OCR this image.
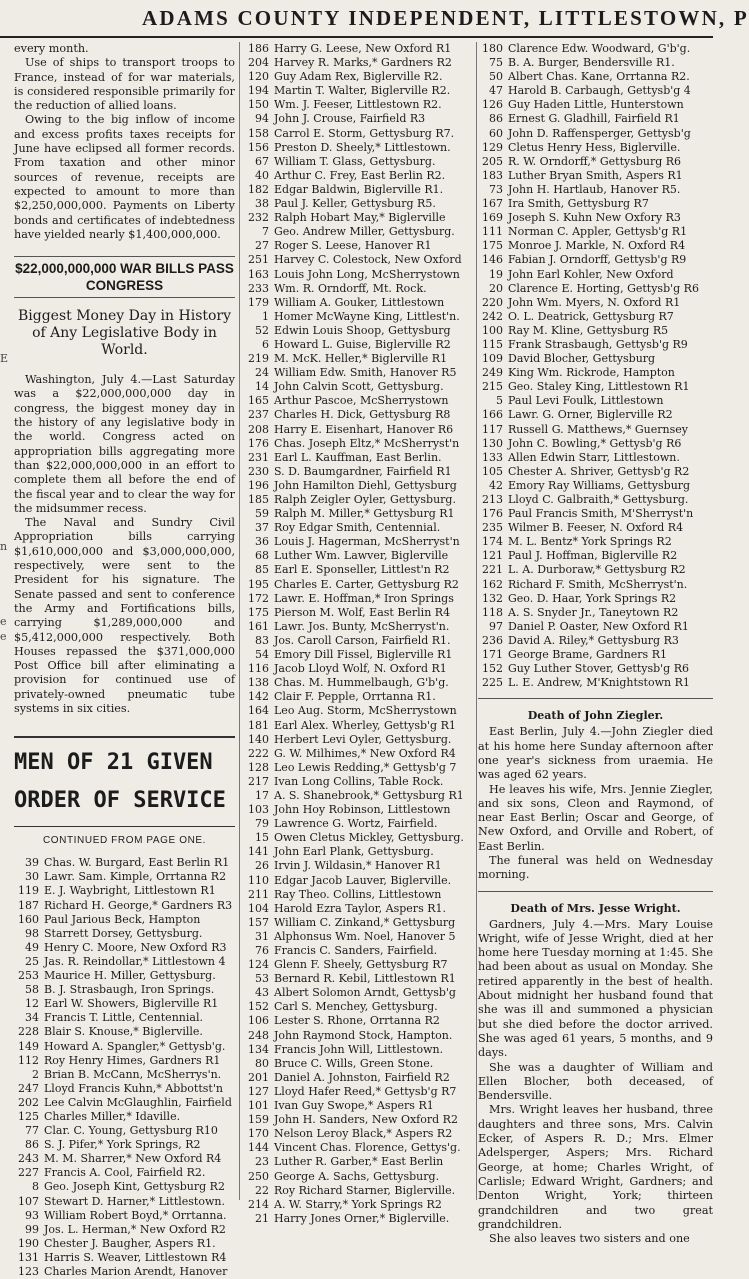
ADAMS COUNTY INDEPENDENT, LITTLESTOWN, P
E
n
e
e

every month.

Use of ships to transport troops to France, instead of for war materials, is considered responsible primarily for the reduction of allied loans.

Owing to the big inflow of income and excess profits taxes receipts for June have eclipsed all former records. From taxation and other minor sources of revenue, receipts are expected to amount to more than $2,250,000,000. Payments on Liberty bonds and certificates of indebtedness have yielded nearly $1,400,000,000.

$22,000,000,000 WAR BILLS PASS CONGRESS
Biggest Money Day in History of Any Legislative Body in World.

Washington, July 4.—Last Saturday was a $22,000,000,000 day in congress, the biggest money day in the history of any legislative body in the world. Congress acted on appropriation bills aggregating more than $22,000,000,000 in an effort to complete them all before the end of the fiscal year and to clear the way for the midsummer recess.

The Naval and Sundry Civil Appropriation bills carrying $1,610,000,000 and $3,000,000,000, respectively, were sent to the President for his signature. The Senate passed and sent to conference the Army and Fortifications bills, carrying $1,289,000,000 and $5,412,000,000 respectively. Both Houses repassed the $371,000,000 Post Office bill after eliminating a provision for continued use of privately-owned pneumatic tube systems in six cities.

MEN OF 21 GIVEN
ORDER OF SERVICE
CONTINUED FROM PAGE ONE.
39 Chas. W. Burgard, East Berlin R1
30 Lawr. Sam. Kimple, Orrtanna R2
119 E. J. Waybright, Littlestown R1
187 Richard H. George,* Gardners R3
160 Paul Jarious Beck, Hampton
98 Starrett Dorsey, Gettysburg.
49 Henry C. Moore, New Oxford R3
25 Jas. R. Reindollar,* Littlestown 4
253 Maurice H. Miller, Gettysburg.
58 B. J. Strasbaugh, Iron Springs.
12 Earl W. Showers, Biglerville R1
34 Francis T. Little, Centennial.
228 Blair S. Knouse,* Biglerville.
149 Howard A. Spangler,* Gettysb'g.
112 Roy Henry Himes, Gardners R1
2 Brian B. McCann, McSherrys'n.
247 Lloyd Francis Kuhn,* Abbottst'n
202 Lee Calvin McGlaughlin, Fairfield
125 Charles Miller,* Idaville.
77 Clar. C. Young, Gettysburg R10
86 S. J. Pifer,* York Springs, R2
243 M. M. Sharrer,* New Oxford R4
227 Francis A. Cool, Fairfield R2.
8 Geo. Joseph Kint, Gettysburg R2
107 Stewart D. Harner,* Littlestown.
93 William Robert Boyd,* Orrtanna.
99 Jos. L. Herman,* New Oxford R2
190 Chester J. Baugher, Aspers R1.
131 Harris S. Weaver, Littlestown R4
123 Charles Marion Arendt, Hanover
186 Harry G. Leese, New Oxford R1
204 Harvey R. Marks,* Gardners R2
120 Guy Adam Rex, Biglerville R2.
194 Martin T. Walter, Biglerville R2.
150 Wm. J. Feeser, Littlestown R2.
94 John J. Crouse, Fairfield R3
158 Carrol E. Storm, Gettysburg R7.
156 Preston D. Sheely,* Littlestown.
67 William T. Glass, Gettysburg.
40 Arthur C. Frey, East Berlin R2.
182 Edgar Baldwin, Biglerville R1.
38 Paul J. Keller, Gettysburg R5.
232 Ralph Hobart May,* Biglerville
7 Geo. Andrew Miller, Gettysburg.
27 Roger S. Leese, Hanover R1
251 Harvey C. Colestock, New Oxford
163 Louis John Long, McSherrystown
233 Wm. R. Orndorff, Mt. Rock.
179 William A. Gouker, Littlestown
1 Homer McWayne King, Littlest'n.
52 Edwin Louis Shoop, Gettysburg
6 Howard L. Guise, Biglerville R2
219 M. McK. Heller,* Biglerville R1
24 William Edw. Smith, Hanover R5
14 John Calvin Scott, Gettysburg.
165 Arthur Pascoe, McSherrystown
237 Charles H. Dick, Gettysburg R8
208 Harry E. Eisenhart, Hanover R6
176 Chas. Joseph Eltz,* McSherryst'n
231 Earl L. Kauffman, East Berlin.
230 S. D. Baumgardner, Fairfield R1
196 John Hamilton Diehl, Gettysburg
185 Ralph Zeigler Oyler, Gettysburg.
59 Ralph M. Miller,* Gettysburg R1
37 Roy Edgar Smith, Centennial.
36 Louis J. Hagerman, McSherryst'n
68 Luther Wm. Lawver, Biglerville
85 Earl E. Sponseller, Littlest'n R2
195 Charles E. Carter, Gettysburg R2
172 Lawr. E. Hoffman,* Iron Springs
175 Pierson M. Wolf, East Berlin R4
161 Lawr. Jos. Bunty, McSherryst'n.
83 Jos. Caroll Carson, Fairfield R1.
54 Emory Dill Fissel, Biglerville R1
116 Jacob Lloyd Wolf, N. Oxford R1
138 Chas. M. Hummelbaugh, G'b'g.
142 Clair F. Pepple, Orrtanna R1.
164 Leo Aug. Storm, McSherrystown
181 Earl Alex. Wherley, Gettysb'g R1
140 Herbert Levi Oyler, Gettysburg.
222 G. W. Milhimes,* New Oxford R4
128 Leo Lewis Redding,* Gettysb'g 7
217 Ivan Long Collins, Table Rock.
17 A. S. Shanebrook,* Gettysburg R1
103 John Hoy Robinson, Littlestown
79 Lawrence G. Wortz, Fairfield.
15 Owen Cletus Mickley, Gettysburg.
141 John Earl Plank, Gettysburg.
26 Irvin J. Wildasin,* Hanover R1
110 Edgar Jacob Lauver, Biglerville.
211 Ray Theo. Collins, Littlestown
104 Harold Ezra Taylor, Aspers R1.
157 William C. Zinkand,* Gettysburg
31 Alphonsus Wm. Noel, Hanover 5
76 Francis C. Sanders, Fairfield.
124 Glenn F. Sheely, Gettysburg R7
53 Bernard R. Kebil, Littlestown R1
43 Albert Solomon Arndt, Gettysb'g
152 Carl S. Menchey, Gettysburg.
106 Lester S. Rhone, Orrtanna R2
248 John Raymond Stock, Hampton.
134 Francis John Will, Littlestown.
80 Bruce C. Wills, Green Stone.
201 Daniel A. Johnston, Fairfield R2
127 Lloyd Hafer Reed,* Gettysb'g R7
101 Ivan Guy Swope,* Aspers R1
159 John H. Sanders, New Oxford R2
170 Nelson Leroy Black,* Aspers R2
144 Vincent Chas. Florence, Gettys'g.
23 Luther R. Garber,* East Berlin
250 George A. Sachs, Gettysburg.
22 Roy Richard Starner, Biglerville.
214 A. W. Starry,* York Springs R2
21 Harry Jones Orner,* Biglerville.
180 Clarence Edw. Woodward, G'b'g.
75 B. A. Burger, Bendersville R1.
50 Albert Chas. Kane, Orrtanna R2.
47 Harold B. Carbaugh, Gettysb'g 4
126 Guy Haden Little, Hunterstown
86 Ernest G. Gladhill, Fairfield R1
60 John D. Raffensperger, Gettysb'g
129 Cletus Henry Hess, Biglerville.
205 R. W. Orndorff,* Gettysburg R6
183 Luther Bryan Smith, Aspers R1
73 John H. Hartlaub, Hanover R5.
167 Ira Smith, Gettysburg R7
169 Joseph S. Kuhn New Oxfory R3
111 Norman C. Appler, Gettysb'g R1
175 Monroe J. Markle, N. Oxford R4
146 Fabian J. Orndorff, Gettysb'g R9
19 John Earl Kohler, New Oxford
20 Clarence E. Horting, Gettysb'g R6
220 John Wm. Myers, N. Oxford R1
242 O. L. Deatrick, Gettysburg R7
100 Ray M. Kline, Gettysburg R5
115 Frank Strasbaugh, Gettysb'g R9
109 David Blocher, Gettysburg
249 King Wm. Rickrode, Hampton
215 Geo. Staley King, Littlestown R1
5 Paul Levi Foulk, Littlestown
166 Lawr. G. Orner, Biglerville R2
117 Russell G. Matthews,* Guernsey
130 John C. Bowling,* Gettysb'g R6
133 Allen Edwin Starr, Littlestown.
105 Chester A. Shriver, Gettysb'g R2
42 Emory Ray Williams, Gettysburg
213 Lloyd C. Galbraith,* Gettysburg.
176 Paul Francis Smith, M'Sherryst'n
235 Wilmer B. Feeser, N. Oxford R4
174 M. L. Bentz* York Springs R2
121 Paul J. Hoffman, Biglerville R2
221 L. A. Durboraw,* Gettysburg R2
162 Richard F. Smith, McSherryst'n.
132 Geo. D. Haar, York Springs R2
118 A. S. Snyder Jr., Taneytown R2
97 Daniel P. Oaster, New Oxford R1
236 David A. Riley,* Gettysburg R3
171 George Brame, Gardners R1
152 Guy Luther Stover, Gettysb'g R6
225 L. E. Andrew, M'Knightstown R1
Death of John Ziegler.

East Berlin, July 4.—John Ziegler died at his home here Sunday afternoon after one year's sickness from uraemia. He was aged 62 years.

He leaves his wife, Mrs. Jennie Ziegler, and six sons, Cleon and Raymond, of near East Berlin; Oscar and George, of New Oxford, and Orville and Robert, of East Berlin.

The funeral was held on Wednesday morning.

Death of Mrs. Jesse Wright.

Gardners, July 4.—Mrs. Mary Louise Wright, wife of Jesse Wright, died at her home here Tuesday morning at 1:45. She had been about as usual on Monday. She retired apparently in the best of health. About midnight her husband found that she was ill and summoned a physician but she died before the doctor arrived. She was aged 61 years, 5 months, and 9 days.

She was a daughter of William and Ellen Blocher, both deceased, of Bendersville.

Mrs. Wright leaves her husband, three daughters and three sons, Mrs. Calvin Ecker, of Aspers R. D.; Mrs. Elmer Adelsperger, Aspers; Mrs. Richard George, at home; Charles Wright, of Carlisle; Edward Wright, Gardners; and Denton Wright, York; thirteen grandchildren and two great grandchildren.

She also leaves two sisters and one
